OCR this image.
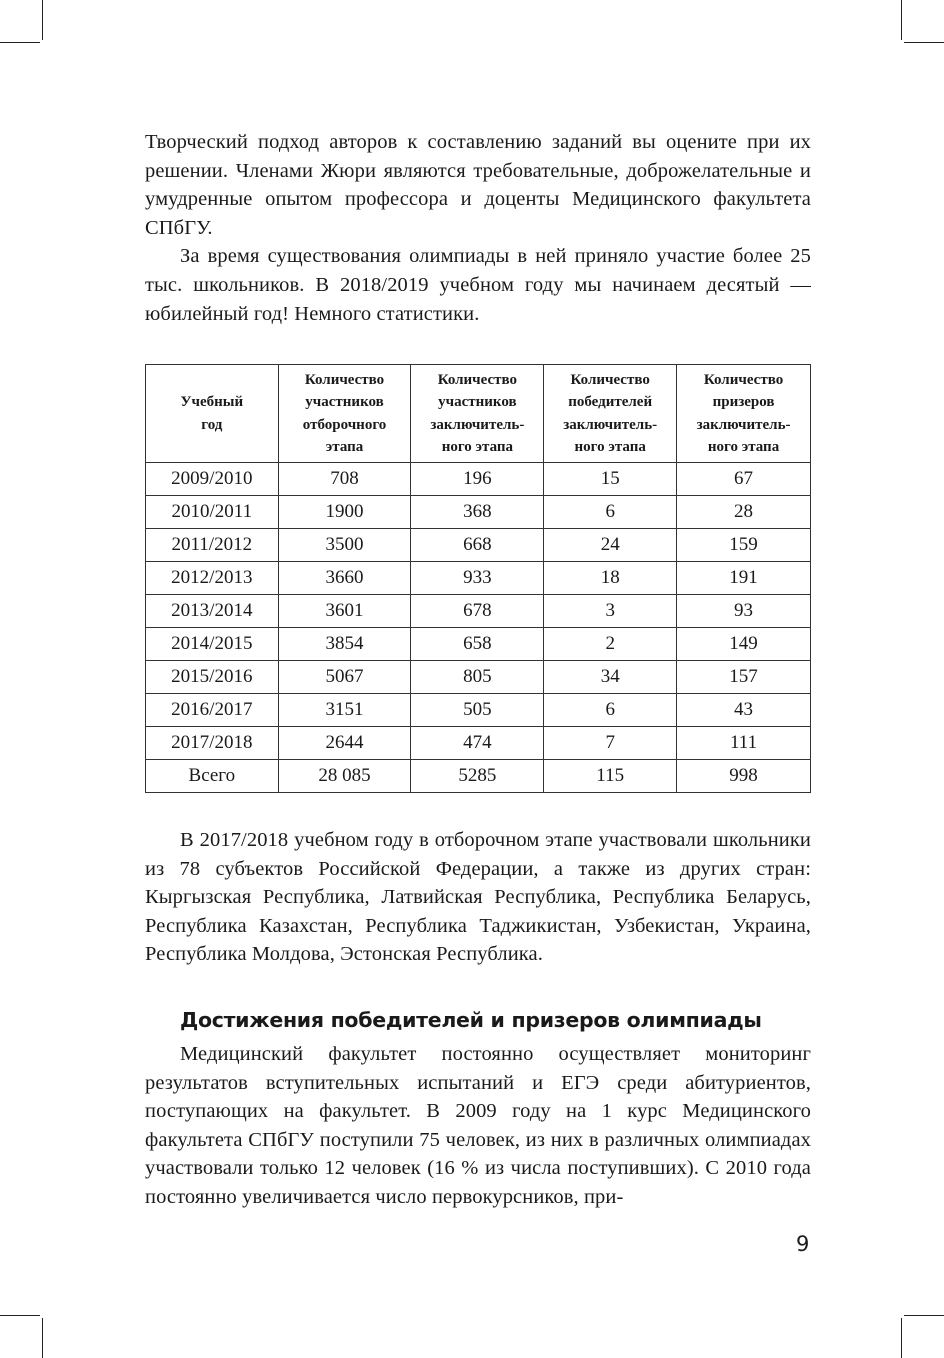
Творческий подход авторов к составлению заданий вы оцените при их решении. Членами Жюри являются требовательные, доброжелательные и умудренные опытом профессора и доценты Медицинского факультета СПбГУ.

За время существования олимпиады в ней приняло участие более 25 тыс. школьников. В 2018/2019 учебном году мы начинаем десятый — юбилейный год! Немного статистики.

Учебный год	Количество участников отборочного этапа	Количество участников заключитель-ного этапа	Количество победителей заключитель-ного этапа	Количество призеров заключитель-ного этапа

2009/2010	708	196	15	67
2010/2011	1900	368	6	28
2011/2012	3500	668	24	159
2012/2013	3660	933	18	191
2013/2014	3601	678	3	93
2014/2015	3854	658	2	149
2015/2016	5067	805	34	157
2016/2017	3151	505	6	43
2017/2018	2644	474	7	111
Всего	28 085	5285	115	998

В 2017/2018 учебном году в отборочном этапе участвовали школьники из 78 субъектов Российской Федерации, а также из других стран: Кыргызская Республика, Латвийская Республика, Республика Беларусь, Республика Казахстан, Республика Таджикистан, Узбекистан, Украина, Республика Молдова, Эстонская Республика.

Достижения победителей и призеров олимпиады

Медицинский факультет постоянно осуществляет мониторинг результатов вступительных испытаний и ЕГЭ среди абитуриентов, поступающих на факультет. В 2009 году на 1 курс Медицинского факультета СПбГУ поступили 75 человек, из них в различных олимпиадах участвовали только 12 человек (16 % из числа поступивших). С 2010 года постоянно увеличивается число первокурсников, при-

9
